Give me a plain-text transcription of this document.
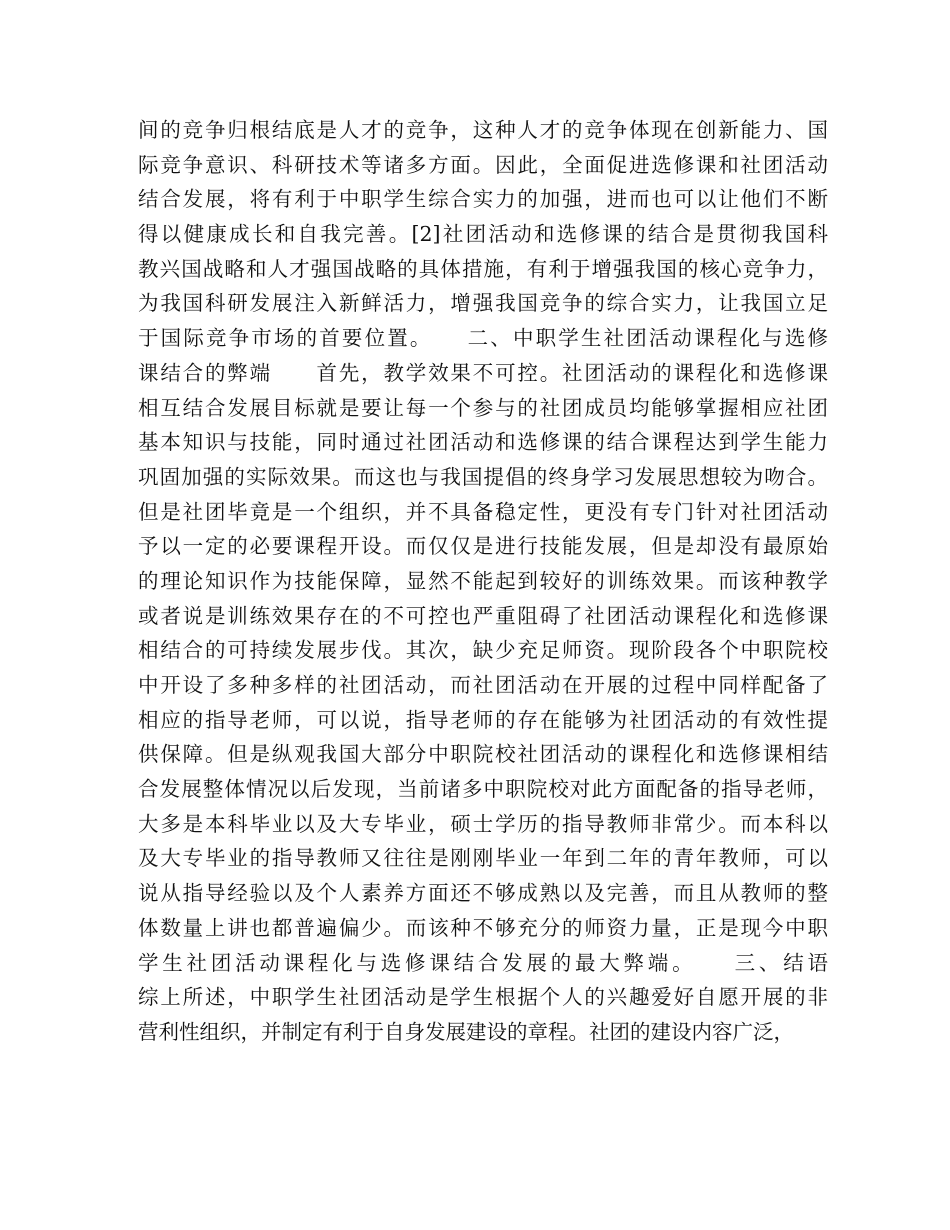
间的竞争归根结底是人才的竞争，这种人才的竞争体现在创新能力、国
际竞争意识、科研技术等诸多方面。因此，全面促进选修课和社团活动
结合发展，将有利于中职学生综合实力的加强，进而也可以让他们不断
得以健康成长和自我完善。[2]社团活动和选修课的结合是贯彻我国科
教兴国战略和人才强国战略的具体措施，有利于增强我国的核心竞争力，
为我国科研发展注入新鲜活力，增强我国竞争的综合实力，让我国立足
于国际竞争市场的首要位置。　　二、中职学生社团活动课程化与选修
课结合的弊端　　首先，教学效果不可控。社团活动的课程化和选修课
相互结合发展目标就是要让每一个参与的社团成员均能够掌握相应社团
基本知识与技能，同时通过社团活动和选修课的结合课程达到学生能力
巩固加强的实际效果。而这也与我国提倡的终身学习发展思想较为吻合。
但是社团毕竟是一个组织，并不具备稳定性，更没有专门针对社团活动
予以一定的必要课程开设。而仅仅是进行技能发展，但是却没有最原始
的理论知识作为技能保障，显然不能起到较好的训练效果。而该种教学
或者说是训练效果存在的不可控也严重阻碍了社团活动课程化和选修课
相结合的可持续发展步伐。其次，缺少充足师资。现阶段各个中职院校
中开设了多种多样的社团活动，而社团活动在开展的过程中同样配备了
相应的指导老师，可以说，指导老师的存在能够为社团活动的有效性提
供保障。但是纵观我国大部分中职院校社团活动的课程化和选修课相结
合发展整体情况以后发现，当前诸多中职院校对此方面配备的指导老师，
大多是本科毕业以及大专毕业，硕士学历的指导教师非常少。而本科以
及大专毕业的指导教师又往往是刚刚毕业一年到二年的青年教师，可以
说从指导经验以及个人素养方面还不够成熟以及完善，而且从教师的整
体数量上讲也都普遍偏少。而该种不够充分的师资力量，正是现今中职
学生社团活动课程化与选修课结合发展的最大弊端。　　三、结语　　
综上所述，中职学生社团活动是学生根据个人的兴趣爱好自愿开展的非
营利性组织，并制定有利于自身发展建设的章程。社团的建设内容广泛，
